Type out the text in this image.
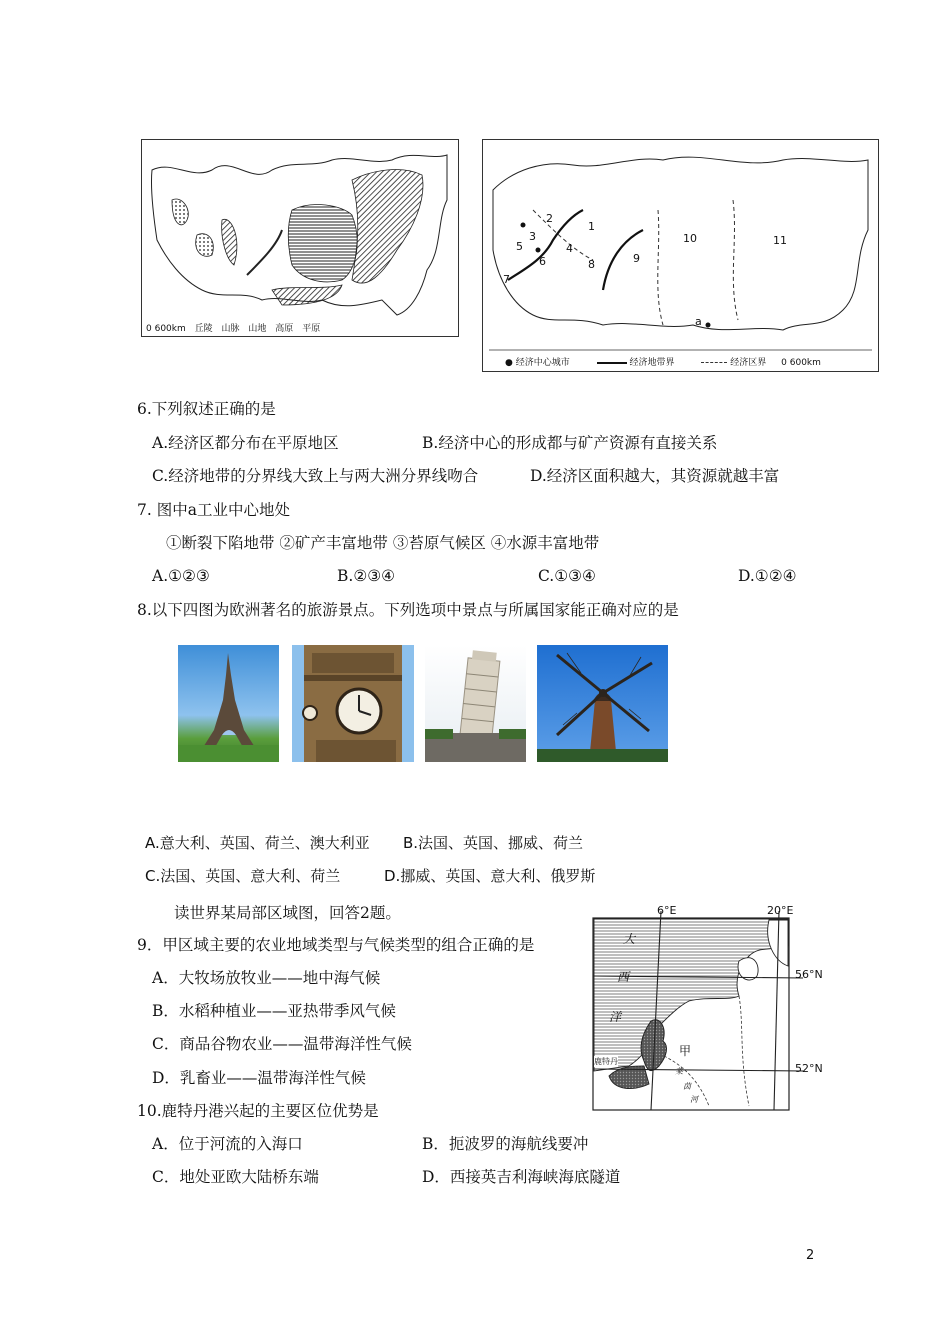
0 600km 丘陵 山脉 山地 高原 平原
1
2
3
4
5
6
7
8	9
10	11
a
● 经济中心城市	经济地带界	经济区界 0 600km
6.下列叙述正确的是
A.经济区都分布在平原地区	B.经济中心的形成都与矿产资源有直接关系
C.经济地带的分界线大致上与两大洲分界线吻合	D.经济区面积越大，其资源就越丰富
7. 图中a工业中心地处
①断裂下陷地带 ②矿产丰富地带 ③苔原气候区 ④水源丰富地带
A.①②③	B.②③④	C.①③④	D.①②④
8.以下四图为欧洲著名的旅游景点。下列选项中景点与所属国家能正确对应的是
A.意大利、英国、荷兰、澳大利亚 B.法国、英国、挪威、荷兰
C.法国、英国、意大利、荷兰	D.挪威、英国、意大利、俄罗斯
读世界某局部区域图，回答2题。	6°E	20°E
56°N
52°N
大
西
洋
甲
鹿特丹
莱
茵
河
9．甲区域主要的农业地域类型与气候类型的组合正确的是
A．大牧场放牧业——地中海气候
B．水稻种植业——亚热带季风气候
C．商品谷物农业——温带海洋性气候
D．乳畜业——温带海洋性气候
10.鹿特丹港兴起的主要区位优势是
A．位于河流的入海口	B．扼波罗的海航线要冲
C．地处亚欧大陆桥东端	D．西接英吉利海峡海底隧道
2
